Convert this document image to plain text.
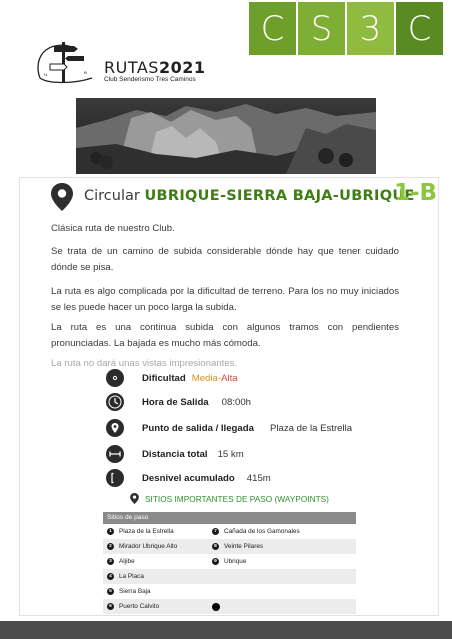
C S 3 C
u	e RUTAS2021
Club Senderismo Tres Caminos
Circular UBRIQUE-SIERRA BAJA-UBRIQUE
1-B
Clásica ruta de nuestro Club.
Se trata de un camino de subida considerable dónde hay que tener cuidado dónde se pisa.
La ruta es algo complicada por la dificultad de terreno. Para los no muy iniciados se les puede hacer un poco larga la subida.
La ruta es una continua subida con algunos tramos con pendientes pronunciadas. La bajada es mucho más cómoda.
La ruta no dará unas vistas impresionantes.
Dificultad Media-Alta
Hora de Salida 08:00h
Punto de salida / llegada Plaza de la Estrella
Distancia total 15 km
Desnivel acumulado 415m
SITIOS IMPORTANTES DE PASO (WAYPOINTS)
Sitios de paso
1	Plaza de la Estrella	7	Cañada de los Gamonales
2	Mirador Ubrique Alto	8	Veinte Pilares
3	Aljibe	9	Ubrique
4	La Placa
5	Sierra Baja
6	Puerto Calvito
